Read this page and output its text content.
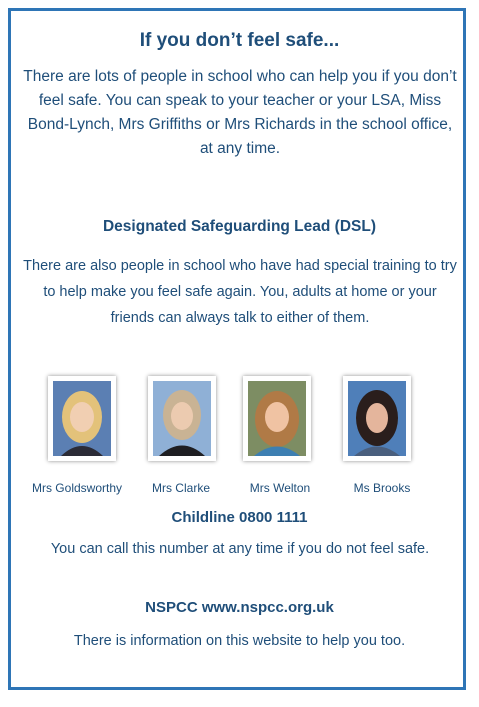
If you don’t feel safe...
There are lots of people in school who can help you if you don’t feel safe. You can speak to your teacher or your LSA, Miss Bond-Lynch, Mrs Griffiths or Mrs Richards in the school office, at any time.
Designated Safeguarding Lead (DSL)
There are also people in school who have had special training to try to help make you feel safe again. You, adults at home or your friends can always talk to either of them.
Mrs Goldsworthy	Mrs Clarke	Mrs Welton	Ms Brooks
Childline 0800 1111
You can call this number at any time if you do not feel safe.
NSPCC www.nspcc.org.uk
There is information on this website to help you too.
